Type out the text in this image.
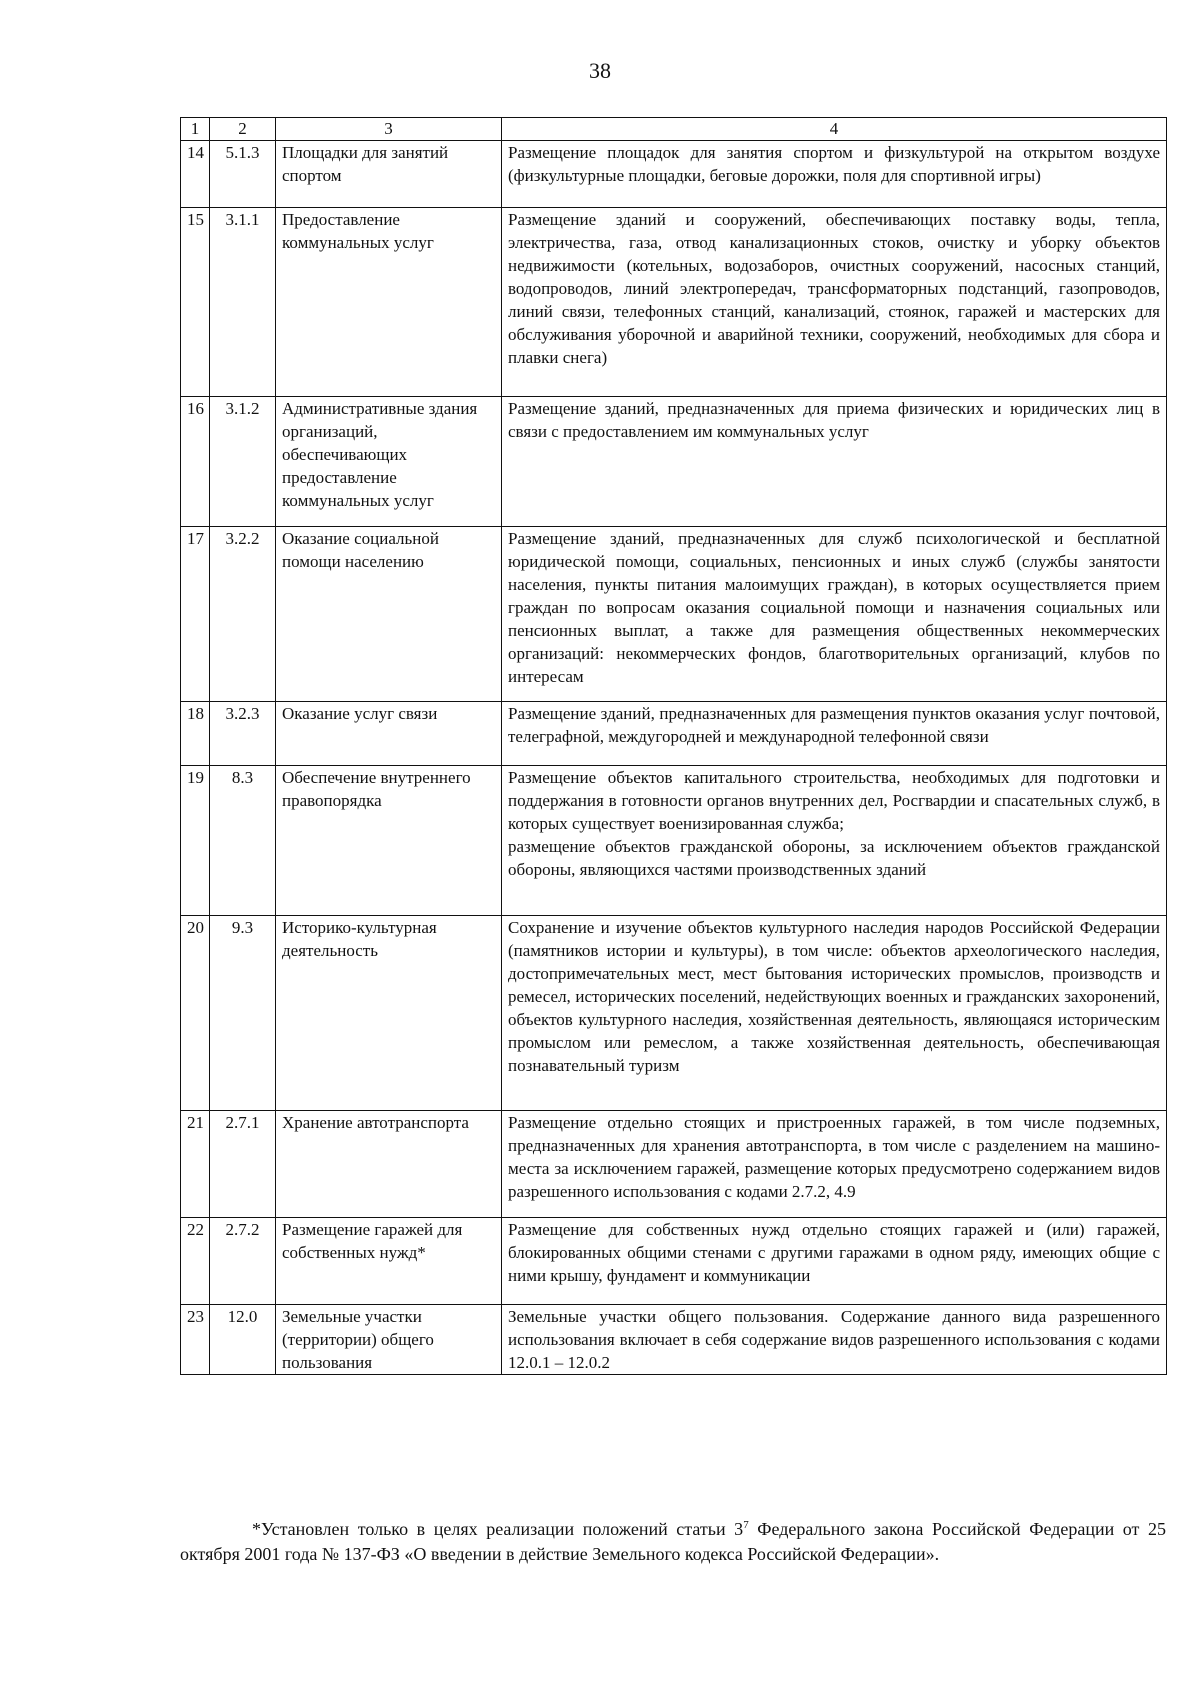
38
1	2	3	4
14	5.1.3	Площадки для занятий спортом	Размещение площадок для занятия спортом и физкультурой на открытом воздухе (физкультурные площадки, беговые дорожки, поля для спортивной игры)

15	3.1.1	Предоставление коммунальных услуг	Размещение зданий и сооружений, обеспечивающих поставку воды, тепла, электричества, газа, отвод канализационных стоков, очистку и уборку объектов недвижимости (котельных, водозаборов, очистных сооружений, насосных станций, водопроводов, линий электропередач, трансформаторных подстанций, газопроводов, линий связи, телефонных станций, канализаций, стоянок, гаражей и мастерских для обслуживания уборочной и аварийной техники, сооружений, необходимых для сбора и плавки снега)

16	3.1.2	Административные здания организаций, обеспечивающих предоставление коммунальных услуг	Размещение зданий, предназначенных для приема физических и юридических лиц в связи с предоставлением им коммунальных услуг

17	3.2.2	Оказание социальной помощи населению	Размещение зданий, предназначенных для служб психологической и бесплатной юридической помощи, социальных, пенсионных и иных служб (службы занятости населения, пункты питания малоимущих граждан), в которых осуществляется прием граждан по вопросам оказания социальной помощи и назначения социальных или пенсионных выплат, а также для размещения общественных некоммерческих организаций: некоммерческих фондов, благотворительных организаций, клубов по интересам

18	3.2.3	Оказание услуг связи	Размещение зданий, предназначенных для размещения пунктов оказания услуг почтовой, телеграфной, междугородней и международной телефонной связи

19	8.3	Обеспечение внутреннего правопорядка	Размещение объектов капитального строительства, необходимых для подготовки и поддержания в готовности органов внутренних дел, Росгвардии и спасательных служб, в которых существует военизированная служба;

размещение объектов гражданской обороны, за исключением объектов гражданской обороны, являющихся частями производственных зданий

20	9.3	Историко-культурная деятельность	Сохранение и изучение объектов культурного наследия народов Российской Федерации (памятников истории и культуры), в том числе: объектов археологического наследия, достопримечательных мест, мест бытования исторических промыслов, производств и ремесел, исторических поселений, недействующих военных и гражданских захоронений, объектов культурного наследия, хозяйственная деятельность, являющаяся историческим промыслом или ремеслом, а также хозяйственная деятельность, обеспечивающая познавательный туризм

21	2.7.1	Хранение автотранспорта	Размещение отдельно стоящих и пристроенных гаражей, в том числе подземных, предназначенных для хранения автотранспорта, в том числе с разделением на машино-места за исключением гаражей, размещение которых предусмотрено содержанием видов разрешенного использования с кодами 2.7.2, 4.9

22	2.7.2	Размещение гаражей для собственных нужд*	Размещение для собственных нужд отдельно стоящих гаражей и (или) гаражей, блокированных общими стенами с другими гаражами в одном ряду, имеющих общие с ними крышу, фундамент и коммуникации

23	12.0	Земельные участки (территории) общего пользования	Земельные участки общего пользования. Содержание данного вида разрешенного использования включает в себя содержание видов разрешенного использования с кодами 12.0.1 – 12.0.2

*Установлен только в целях реализации положений статьи $3^7$ Федерального закона Российской Федерации от 25 октября 2001 года № 137-ФЗ «О введении в действие Земельного кодекса Российской Федерации».
